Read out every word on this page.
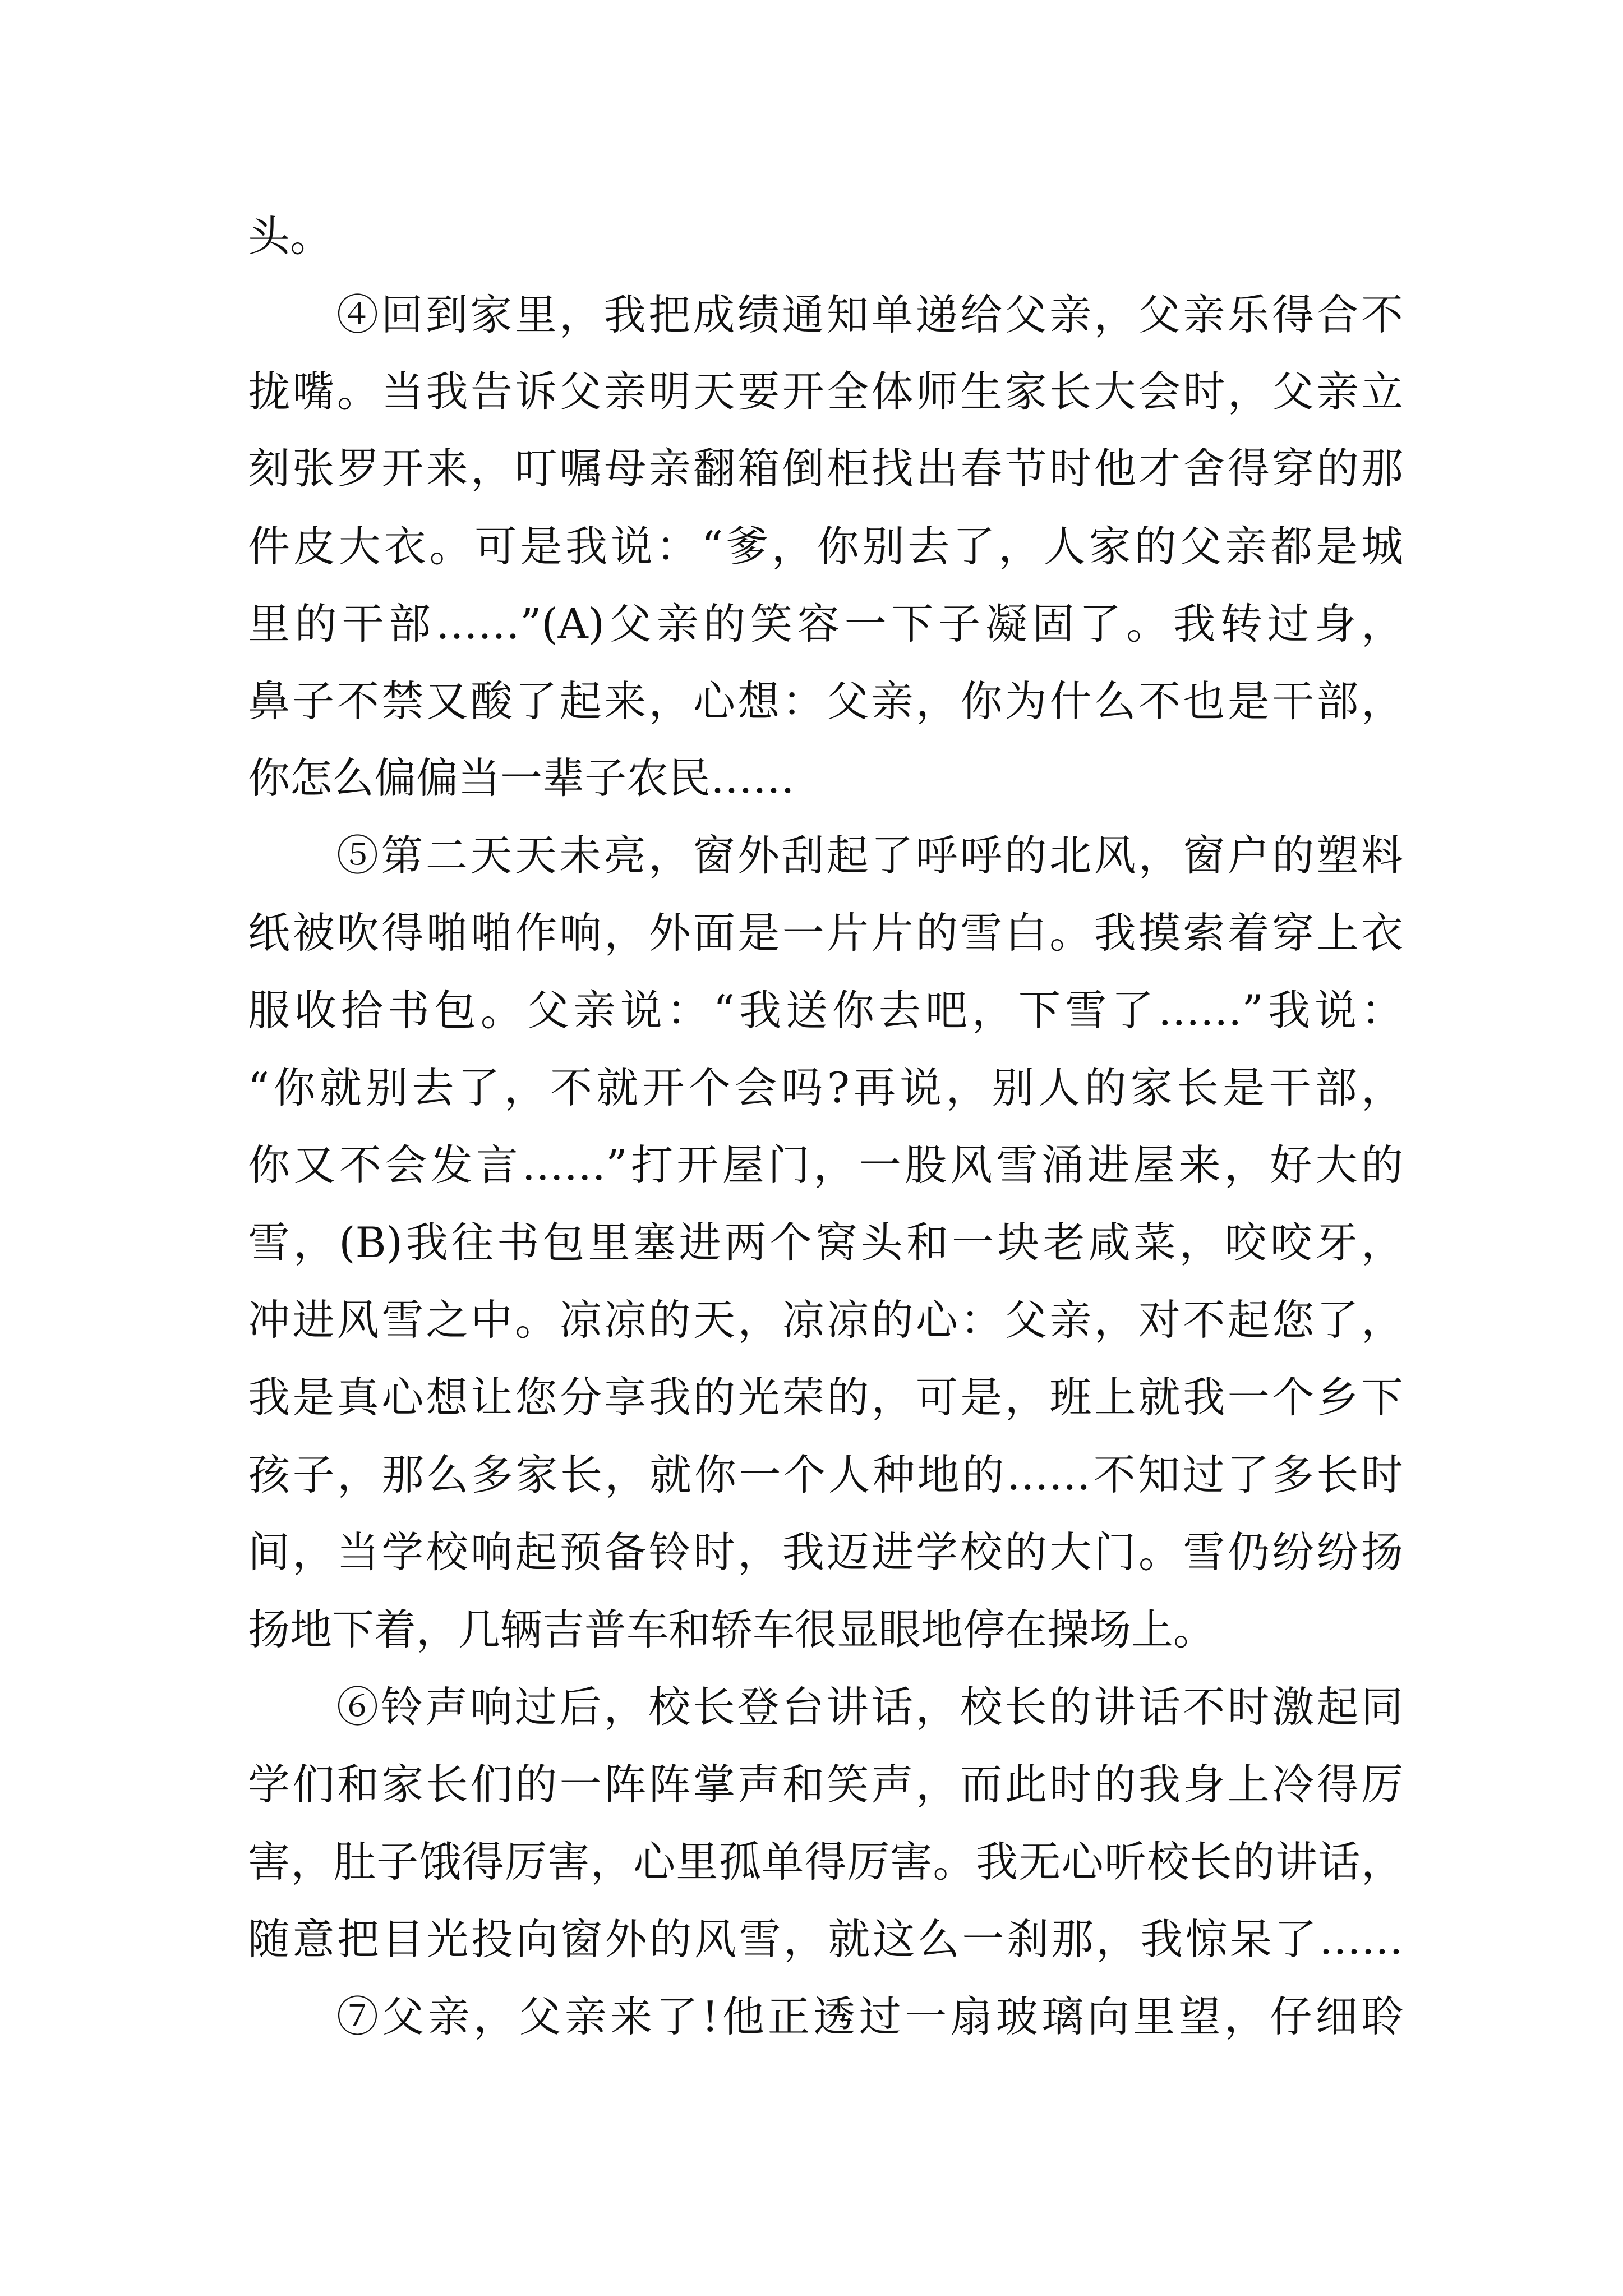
头。
④回到家里，我把成绩通知单递给父亲，父亲乐得合不
拢嘴。当我告诉父亲明天要开全体师生家长大会时，父亲立
刻张罗开来，叮嘱母亲翻箱倒柜找出春节时他才舍得穿的那
件皮大衣。可是我说：“爹，你别去了，人家的父亲都是城
里的干部……”(A)父亲的笑容一下子凝固了。我转过身，
鼻子不禁又酸了起来，心想：父亲，你为什么不也是干部，
你怎么偏偏当一辈子农民……
⑤第二天天未亮，窗外刮起了呼呼的北风，窗户的塑料
纸被吹得啪啪作响，外面是一片片的雪白。我摸索着穿上衣
服收拾书包。父亲说：“我送你去吧，下雪了……”我说：
“你就别去了，不就开个会吗?再说，别人的家长是干部，
你又不会发言……”打开屋门，一股风雪涌进屋来，好大的
雪，(B)我往书包里塞进两个窝头和一块老咸菜，咬咬牙，
冲进风雪之中。凉凉的天，凉凉的心：父亲，对不起您了，
我是真心想让您分享我的光荣的，可是，班上就我一个乡下
孩子，那么多家长，就你一个人种地的……不知过了多长时
间，当学校响起预备铃时，我迈进学校的大门。雪仍纷纷扬
扬地下着，几辆吉普车和轿车很显眼地停在操场上。
⑥铃声响过后，校长登台讲话，校长的讲话不时激起同
学们和家长们的一阵阵掌声和笑声，而此时的我身上冷得厉
害，肚子饿得厉害，心里孤单得厉害。我无心听校长的讲话，
随意把目光投向窗外的风雪，就这么一刹那，我惊呆了……
⑦父亲，父亲来了!他正透过一扇玻璃向里望，仔细聆
